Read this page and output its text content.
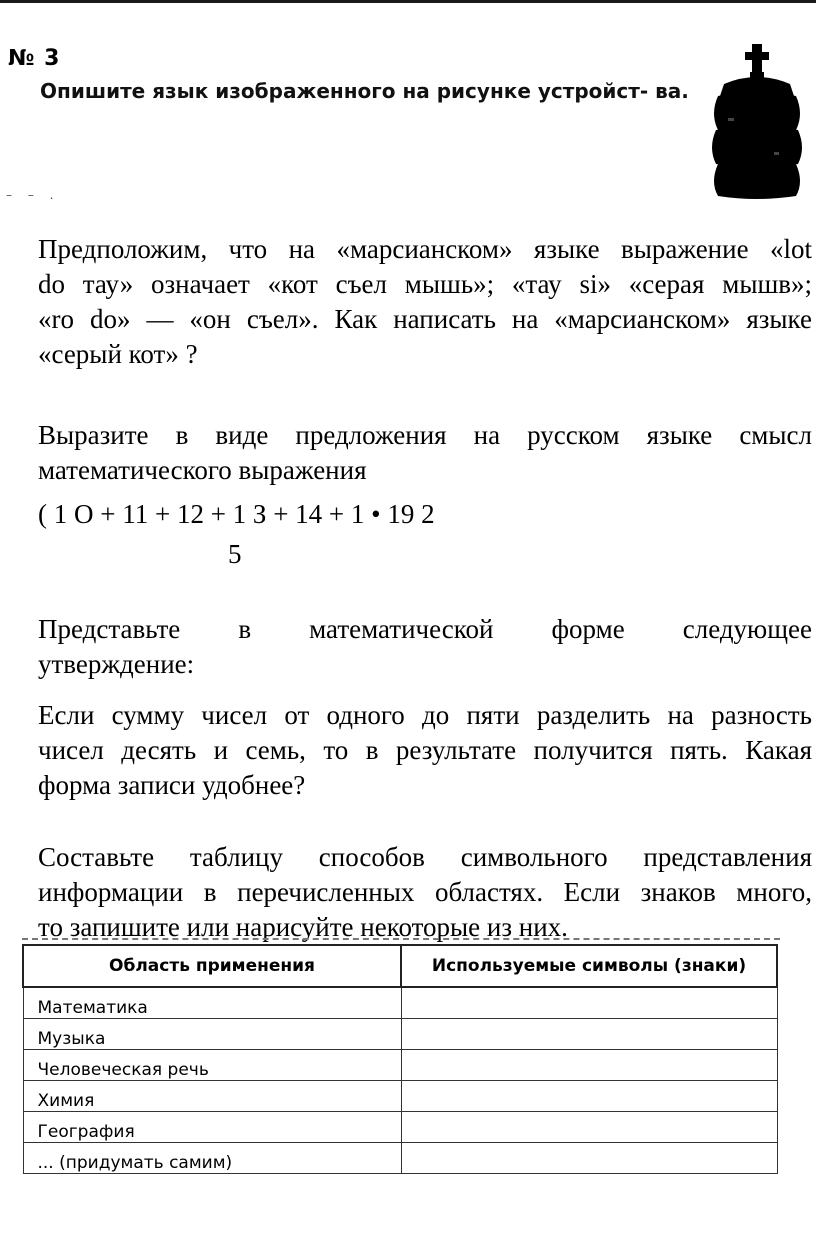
№ 3
Опишите язык изображенного на рисунке устройст- ва.
– – .
Предположим, что на «марсианском» языке выражение «lot
do тау» означает «кот съел мышь»; «тау si» «серая мышв»;
«ro do» — «он съел». Как написать на «марсианском» языке
«серый кот» ?
Выразите в виде предложения на русском языке смысл
математического выражения
( 1 О + 11 + 12 + 1 З + 14 + 1 • 19 2
5
Представьте в математической форме следующее
утверждение:
Если сумму чисел от одного до пяти разделить на разность
чисел десять и семь, то в результате получится пять. Какая
форма записи удобнее?
Составьте таблицу способов символьного представления
информации в перечисленных областях. Если знаков много,
то запишите или нарисуйте некоторые из них.
Область применения	Используемые символы (знаки)
Математика	
Музыка	
Человеческая речь	
Химия	
География	
... (придумать самим)	
